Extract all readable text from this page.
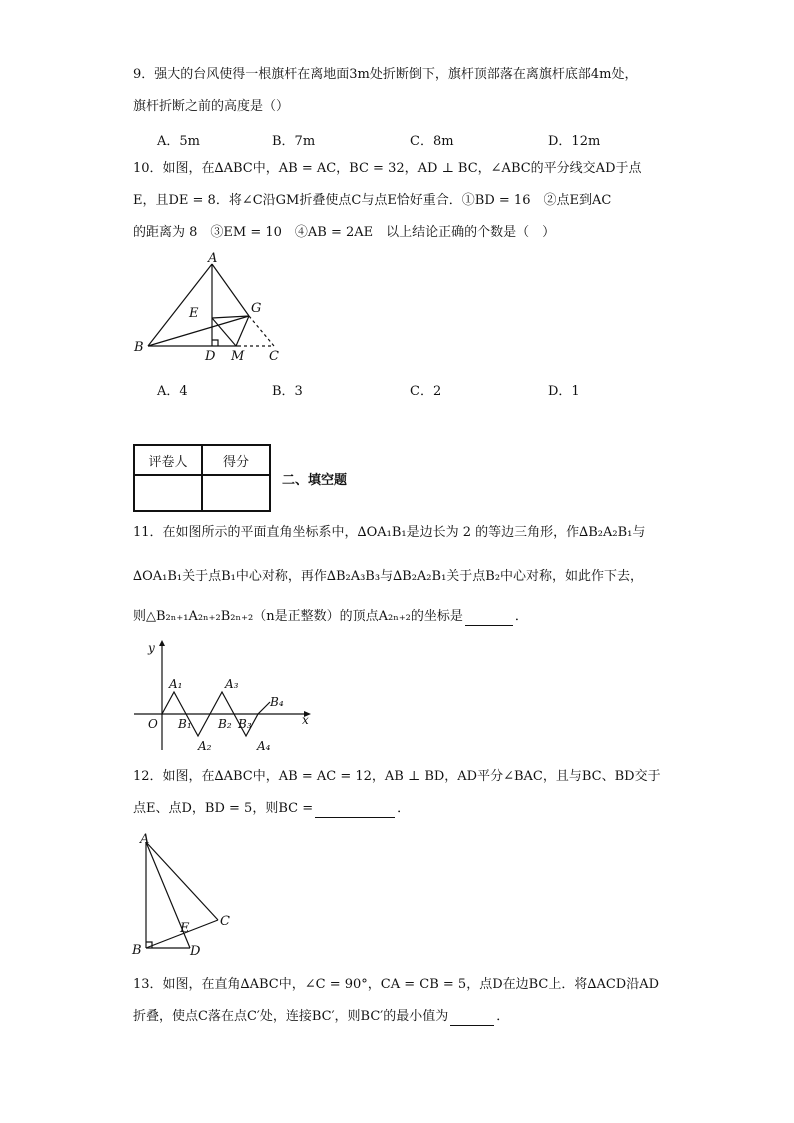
9．强大的台风使得一根旗杆在离地面3m处折断倒下，旗杆顶部落在离旗杆底部4m处，
旗杆折断之前的高度是（）
A．5m	B．7m	C．8m	D．12m
10．如图，在∆ABC中，AB = AC，BC = 32，AD ⊥ BC，∠ABC的平分线交AD于点
E，且DE = 8．将∠C沿GM折叠使点C与点E恰好重合．①BD = 16　②点E到AC
的距离为 8　③EM = 10　④AB = 2AE　以上结论正确的个数是（　）
A
B
C
D
E	G
M
A．4	B．3	C．2	D．1
评卷人	得分

二、填空题
11．在如图所示的平面直角坐标系中，∆OA₁B₁是边长为 2 的等边三角形，作∆B₂A₂B₁与
∆OA₁B₁关于点B₁中心对称，再作∆B₂A₃B₃与∆B₂A₂B₁关于点B₂中心对称，如此作下去，
则△B₂ₙ₊₁A₂ₙ₊₂B₂ₙ₊₂（n是正整数）的顶点A₂ₙ₊₂的坐标是	．
y
x
O
A₁
A₂
A₃
A₄
B₁ B₂ B₃
B₄
12．如图，在∆ABC中，AB = AC = 12，AB ⊥ BD，AD平分∠BAC，且与BC、BD交于
点E、点D，BD = 5，则BC =	．
A
B
C
D
E
13．如图，在直角∆ABC中，∠C = 90°，CA = CB = 5，点D在边BC上．将∆ACD沿AD
折叠，使点C落在点C′处，连接BC′，则BC′的最小值为	．
